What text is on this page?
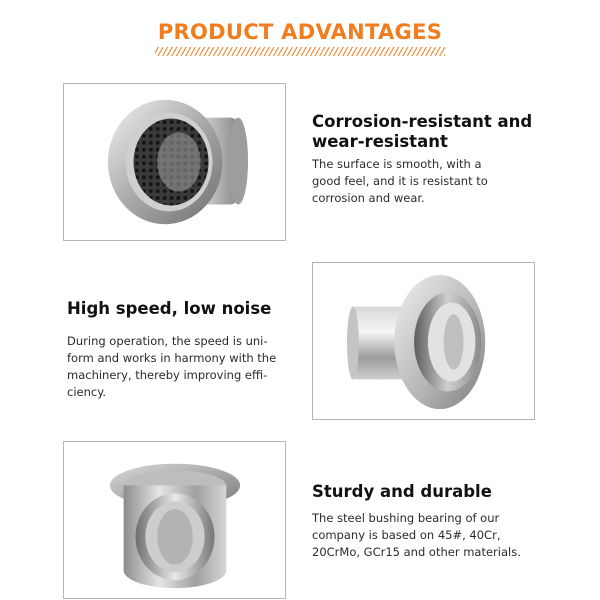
PRODUCT ADVANTAGES
Corrosion-resistant and
wear-resistant
The surface is smooth, with a
good feel, and it is resistant to
corrosion and wear.
High speed, low noise
During operation, the speed is uni-
form and works in harmony with the
machinery, thereby improving effi-
ciency.
Sturdy and durable
The steel bushing bearing of our
company is based on 45#, 40Cr,
20CrMo, GCr15 and other materials.
